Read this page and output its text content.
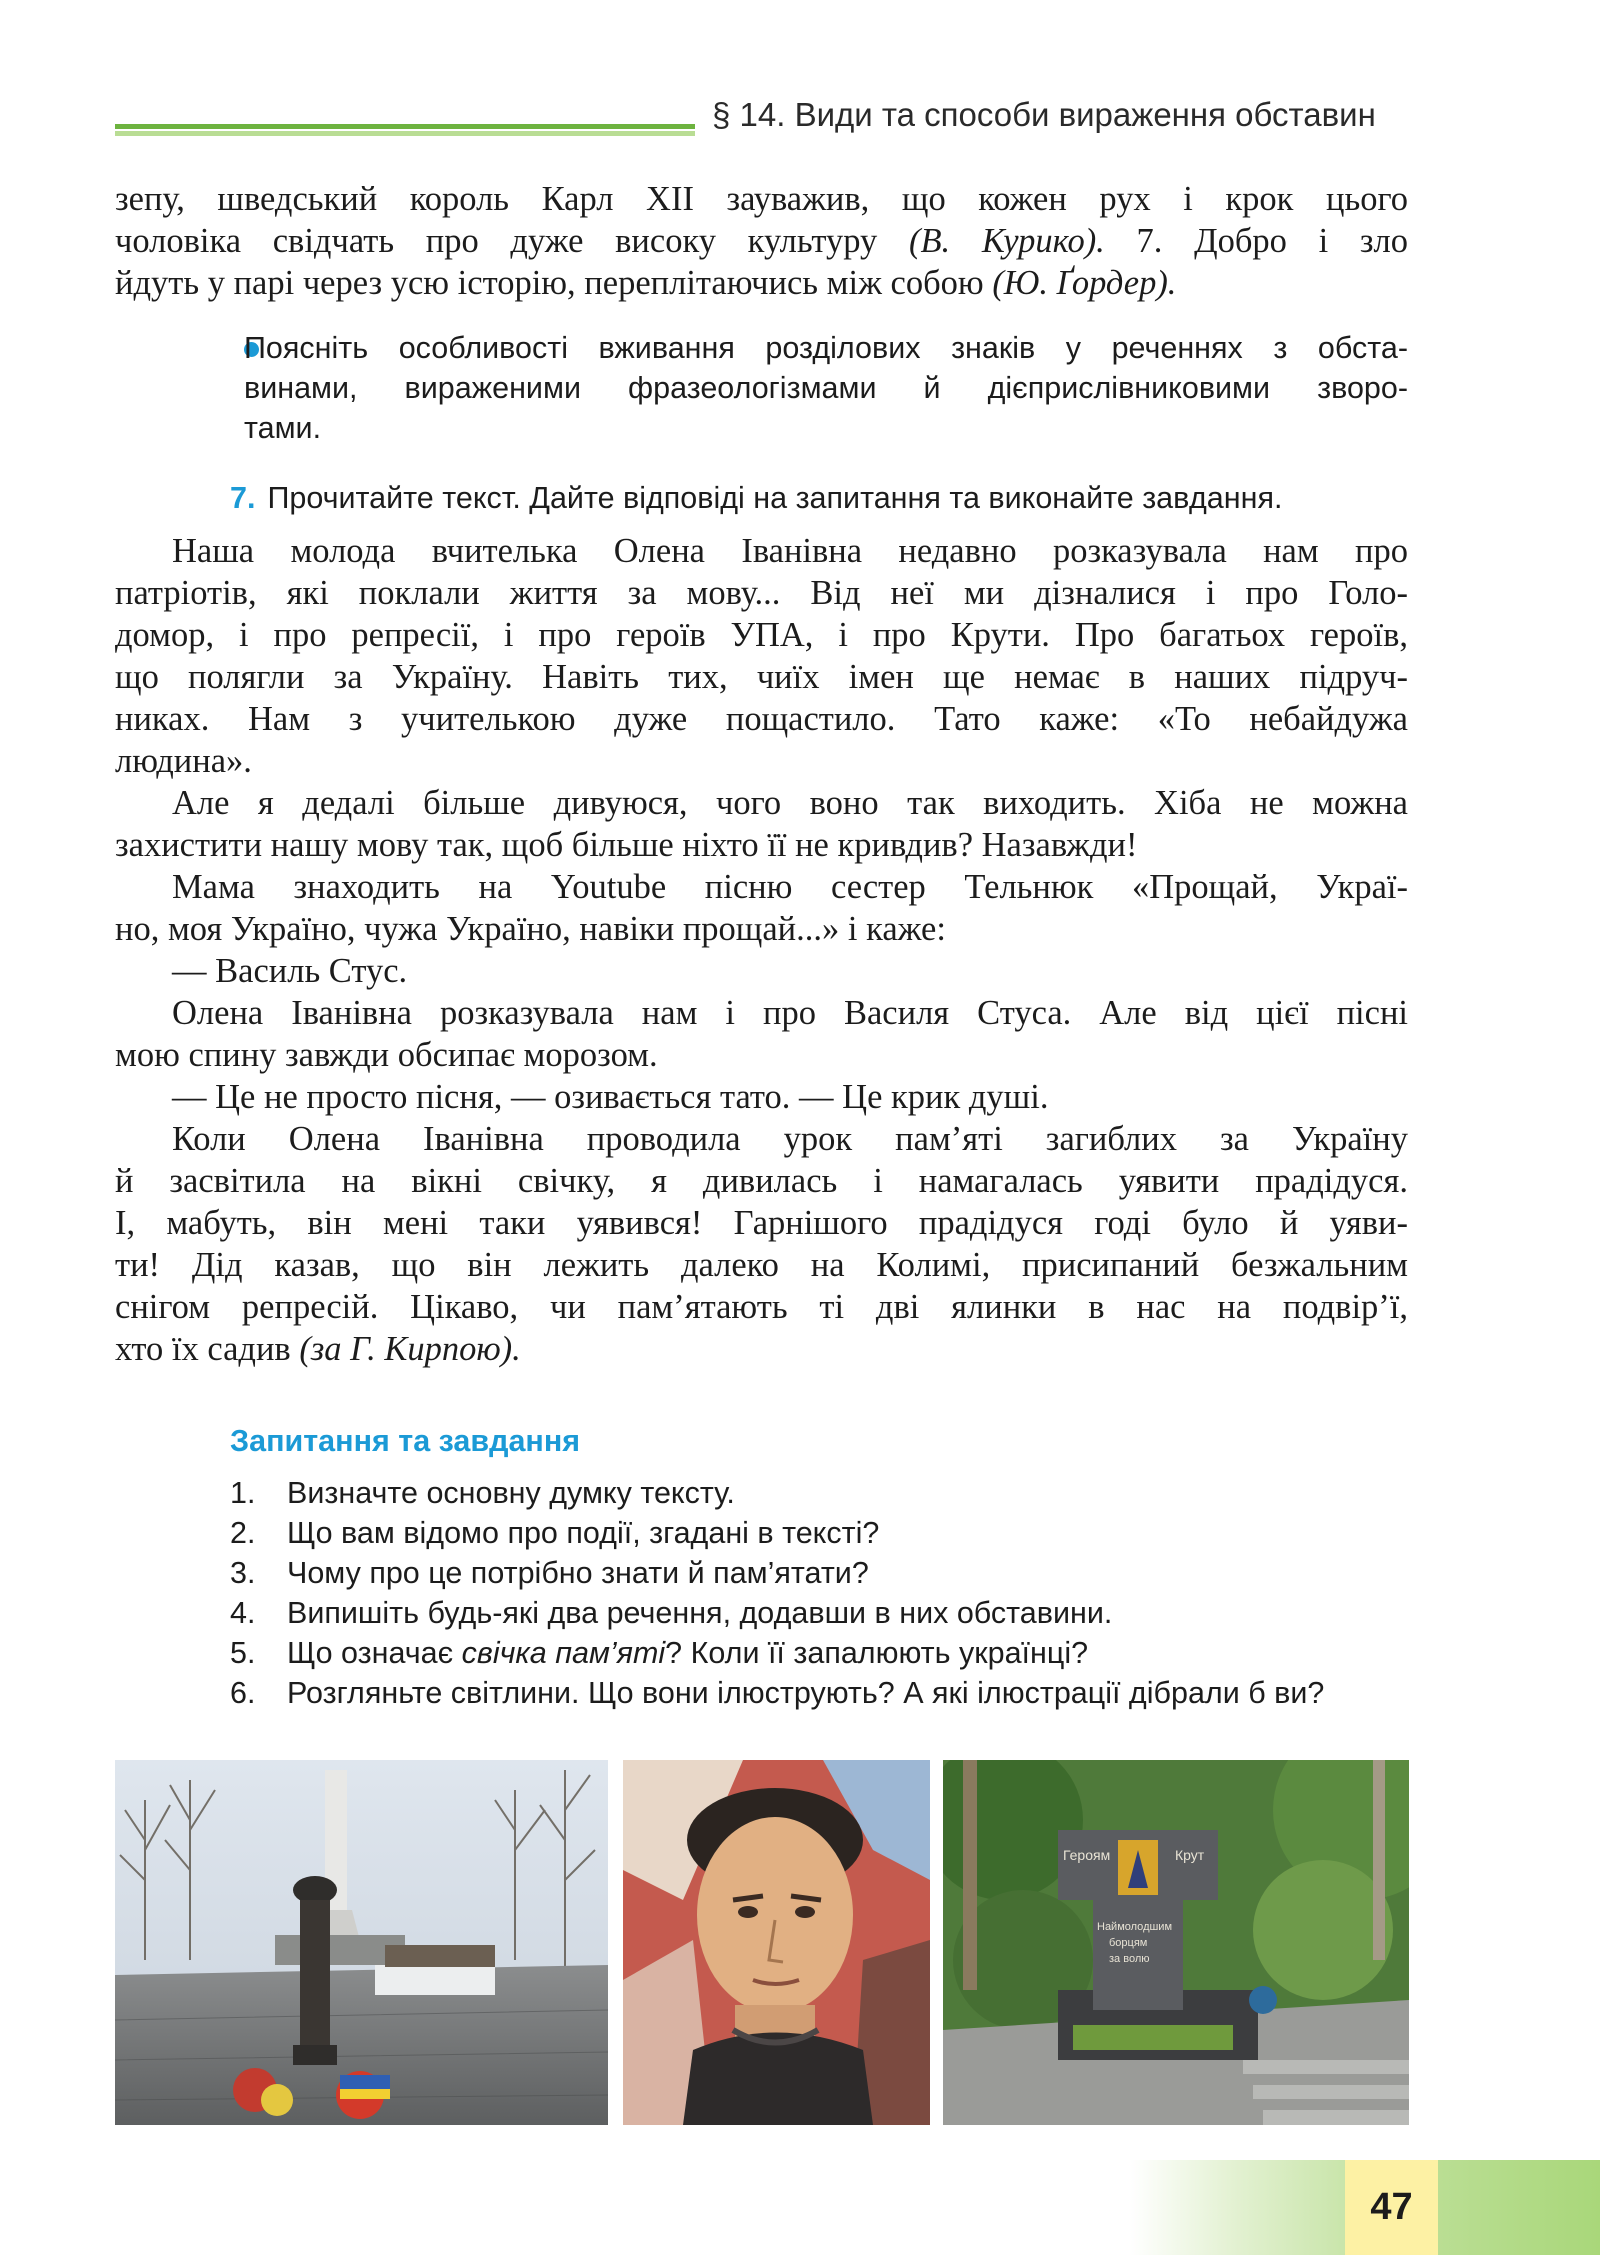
§ 14. Види та способи вираження обставин

зепу, шведський король Карл XII зауважив, що кожен рух і крок цього

чоловіка свідчать про дуже високу культуру (В. Курико). 7. Добро і зло

йдуть у парі через усю історію, переплітаючись між собою (Ю. Ґордер).

Поясніть особливості вживання розділових знаків у реченнях з обста-
винами, вираженими фразеологізмами й дієприслівниковими зворо-
тами.
7. Прочитайте текст. Дайте відповіді на запитання та виконайте завдання.

Наша молода вчителька Олена Іванівна недавно розказувала нам про

патріотів, які поклали життя за мову... Від неї ми дізналися і про Голо-

домор, і про репресії, і про героїв УПА, і про Крути. Про багатьох героїв,

що полягли за Україну. Навіть тих, чиїх імен ще немає в наших підруч-

никах. Нам з учителькою дуже пощастило. Тато каже: «То небайдужа

людина».

Але я дедалі більше дивуюся, чого воно так виходить. Хіба не можна

захистити нашу мову так, щоб більше ніхто її не кривдив? Назавжди!

Мама знаходить на Youtube пісню сестер Тельнюк «Прощай, Украї-

но, моя Україно, чужа Україно, навіки прощай...» і каже:

— Василь Стус.

Олена Іванівна розказувала нам і про Василя Стуса. Але від цієї пісні

мою спину завжди обсипає морозом.

— Це не просто пісня, — озивається тато. — Це крик душі.

Коли Олена Іванівна проводила урок пам’яті загиблих за Україну

й засвітила на вікні свічку, я дивилась і намагалась уявити прадідуся.

І, мабуть, він мені таки уявився! Гарнішого прадідуся годі було й уяви-

ти! Дід казав, що він лежить далеко на Колимі, присипаний безжальним

снігом репресій. Цікаво, чи пам’ятають ті дві ялинки в нас на подвір’ї,

хто їх садив (за Г. Кирпою).

Запитання та завдання
1. Визначте основну думку тексту.
2. Що вам відомо про події, згадані в тексті?
3. Чому про це потрібно знати й пам’ятати?
4. Випишіть будь-які два речення, додавши в них обставини.
5. Що означає свічка пам’яті? Коли її запалюють українці?
6. Розгляньте світлини. Що вони ілюструють? А які ілюстрації дібрали б ви?
Героям	Крут
Наймолодшим
борцям
за волю
47
